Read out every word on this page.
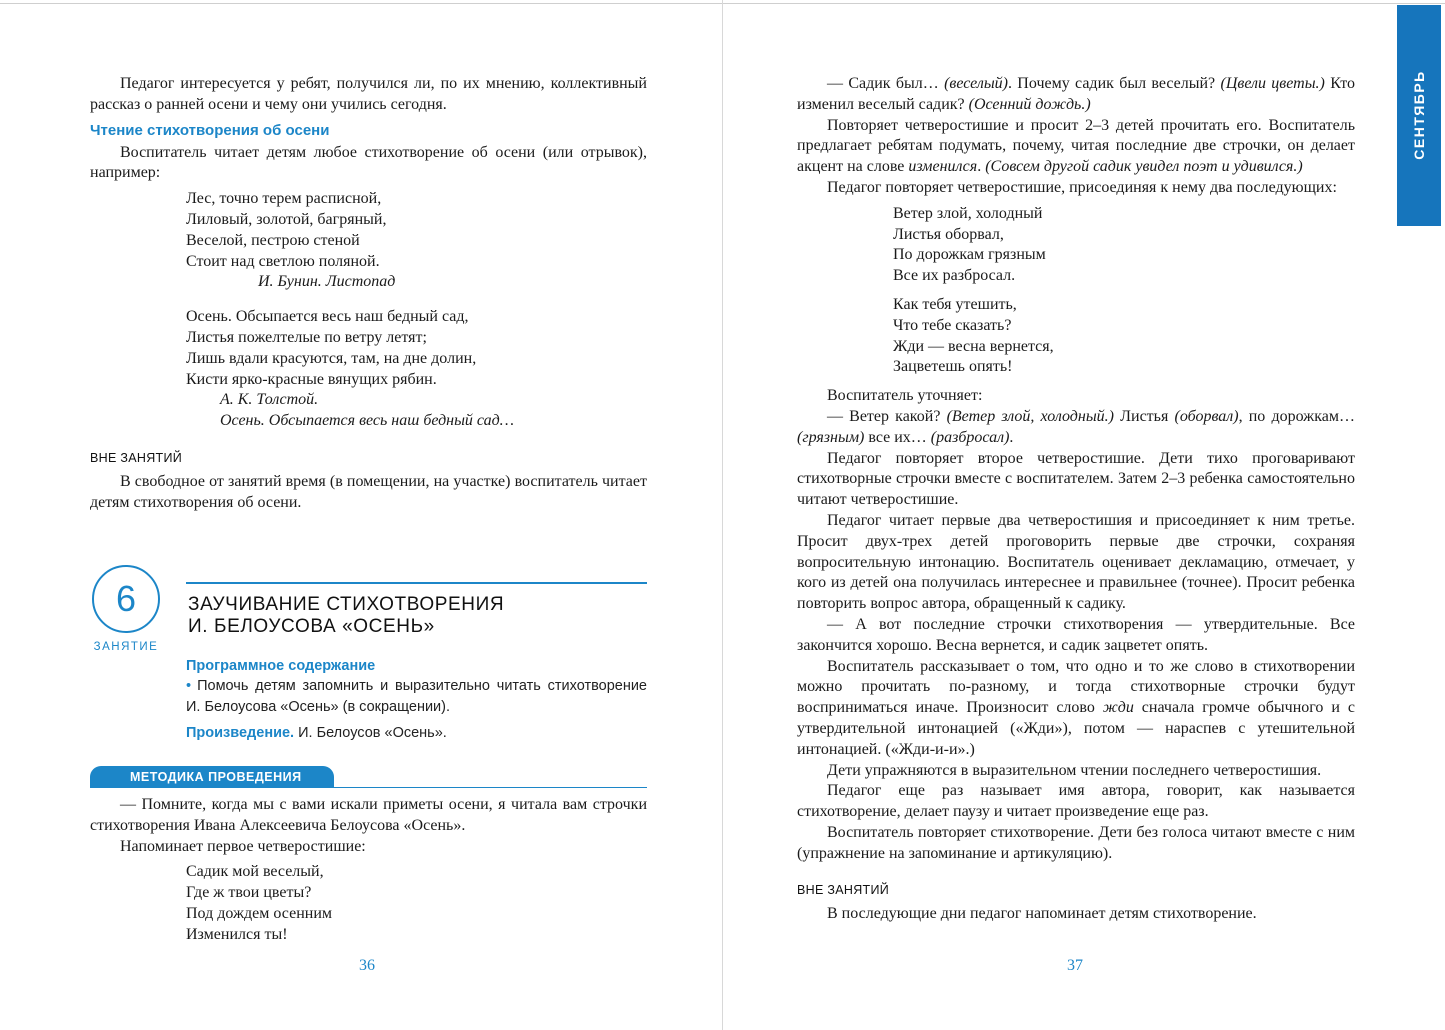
Педагог интересуется у ребят, получился ли, по их мнению, коллективный рассказ о ранней осени и чему они учились сегодня.

Чтение стихотворения об осени

Воспитатель читает детям любое стихотворение об осени (или отрывок), например:

Лес, точно терем расписной,
Лиловый, золотой, багряный,
Веселой, пестрою стеной
Стоит над светлою поляной.
И. Бунин. Листопад
Осень. Обсыпается весь наш бедный сад,
Листья пожелтелые по ветру летят;
Лишь вдали красуются, там, на дне долин,
Кисти ярко-красные вянущих рябин.
А. К. Толстой.
Осень. Обсыпается весь наш бедный сад…
ВНЕ ЗАНЯТИЙ

В свободное от занятий время (в помещении, на участке) воспитатель читает детям стихотворения об осени.

6
ЗАНЯТИЕ
ЗАУЧИВАНИЕ СТИХОТВОРЕНИЯ
И. БЕЛОУСОВА «ОСЕНЬ»
Программное содержание
• Помочь детям запомнить и выразительно читать стихотворение И. Белоусова «Осень» (в сокращении).
Произведение. И. Белоусов «Осень».
МЕТОДИКА ПРОВЕДЕНИЯ

— Помните, когда мы с вами искали приметы осени, я читала вам строчки стихотворения Ивана Алексеевича Белоусова «Осень».

Напоминает первое четверостишие:

Садик мой веселый,
Где ж твои цветы?
Под дождем осенним
Изменился ты!
36

— Садик был… (веселый). Почему садик был веселый? (Цвели цветы.) Кто изменил веселый садик? (Осенний дождь.)

Повторяет четверостишие и просит 2–3 детей прочитать его. Воспитатель предлагает ребятам подумать, почему, читая последние две строчки, он делает акцент на слове изменился. (Совсем другой садик увидел поэт и удивился.)

Педагог повторяет четверостишие, присоединяя к нему два последующих:

Ветер злой, холодный
Листья оборвал,
По дорожкам грязным
Все их разбросал.
Как тебя утешить,
Что тебе сказать?
Жди — весна вернется,
Зацветешь опять!

Воспитатель уточняет:

— Ветер какой? (Ветер злой, холодный.) Листья (оборвал), по дорожкам… (грязным) все их… (разбросал).

Педагог повторяет второе четверостишие. Дети тихо проговаривают стихотворные строчки вместе с воспитателем. Затем 2–3 ребенка самостоятельно читают четверостишие.

Педагог читает первые два четверостишия и присоединяет к ним третье. Просит двух-трех детей проговорить первые две строчки, сохраняя вопросительную интонацию. Воспитатель оценивает декламацию, отмечает, у кого из детей она получилась интереснее и правильнее (точнее). Просит ребенка повторить вопрос автора, обращенный к садику.

— А вот последние строчки стихотворения — утвердительные. Все закончится хорошо. Весна вернется, и садик зацветет опять.

Воспитатель рассказывает о том, что одно и то же слово в стихотворении можно прочитать по-разному, и тогда стихотворные строчки будут восприниматься иначе. Произносит слово жди сначала громче обычного и с утвердительной интонацией («Жди»), потом — нараспев с утешительной интонацией. («Жди-и-и».)

Дети упражняются в выразительном чтении последнего четверостишия.

Педагог еще раз называет имя автора, говорит, как называется стихотворение, делает паузу и читает произведение еще раз.

Воспитатель повторяет стихотворение. Дети без голоса читают вместе с ним (упражнение на запоминание и артикуляцию).

ВНЕ ЗАНЯТИЙ

В последующие дни педагог напоминает детям стихотворение.

37
СЕНТЯБРЬ
